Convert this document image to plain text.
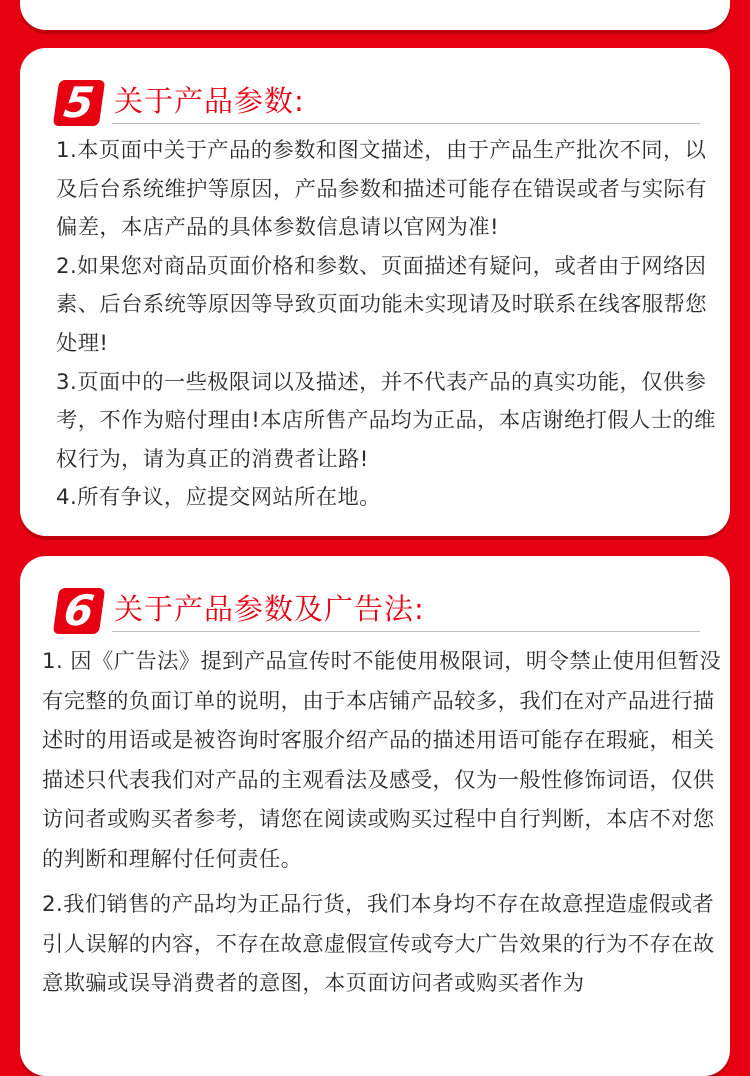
5 关于产品参数:

1.本页面中关于产品的参数和图文描述，由于产品生产批次不同，以及后台系统维护等原因，产品参数和描述可能存在错误或者与实际有偏差，本店产品的具体参数信息请以官网为准!

2.如果您对商品页面价格和参数、页面描述有疑问，或者由于网络因素、后台系统等原因等导致页面功能未实现请及时联系在线客服帮您处理!

3.页面中的一些极限词以及描述，并不代表产品的真实功能，仅供参考，不作为赔付理由!本店所售产品均为正品，本店谢绝打假人士的维权行为，请为真正的消费者让路!

4.所有争议，应提交网站所在地。

6 关于产品参数及广告法:

1. 因《广告法》提到产品宣传时不能使用极限词，明令禁止使用但暂没有完整的负面订单的说明，由于本店铺产品较多，我们在对产品进行描述时的用语或是被咨询时客服介绍产品的描述用语可能存在瑕疵，相关描述只代表我们对产品的主观看法及感受，仅为一般性修饰词语，仅供访问者或购买者参考，请您在阅读或购买过程中自行判断，本店不对您的判断和理解付任何责任。

2.我们销售的产品均为正品行货，我们本身均不存在故意捏造虚假或者引人误解的内容，不存在故意虚假宣传或夸大广告效果的行为不存在故意欺骗或误导消费者的意图，本页面访问者或购买者作为
